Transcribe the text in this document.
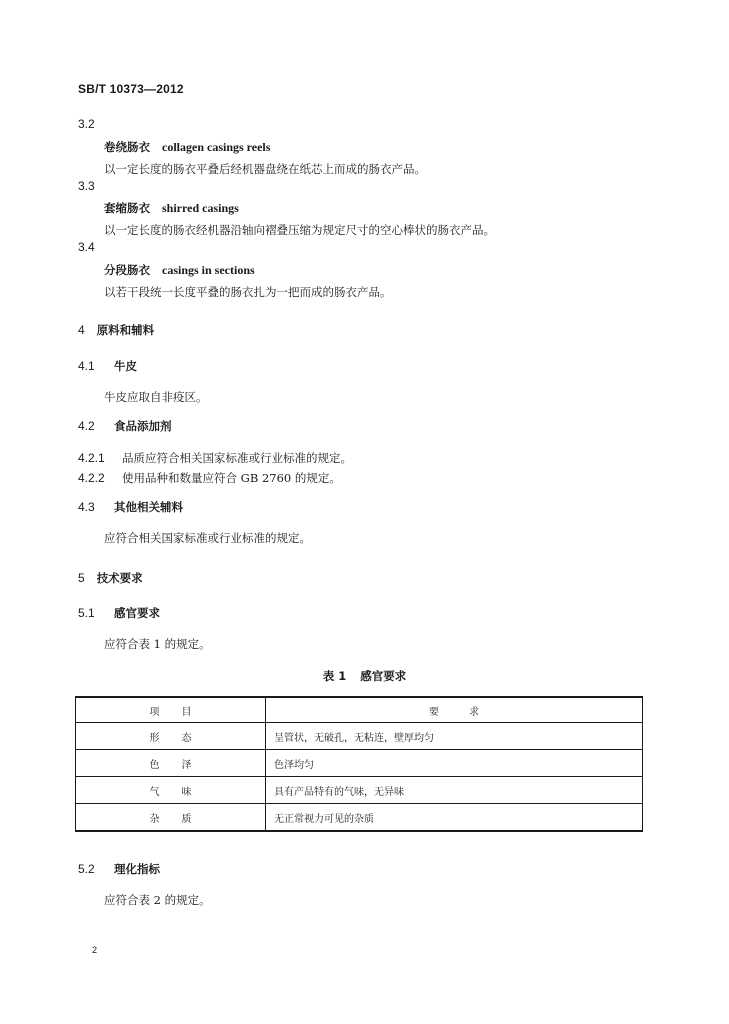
SB/T 10373—2012
3.2
卷绕肠衣 collagen casings reels
以一定长度的肠衣平叠后经机器盘绕在纸芯上而成的肠衣产品。
3.3
套缩肠衣 shirred casings
以一定长度的肠衣经机器沿轴向褶叠压缩为规定尺寸的空心棒状的肠衣产品。
3.4
分段肠衣 casings in sections
以若干段统一长度平叠的肠衣扎为一把而成的肠衣产品。
4 原料和辅料
4.1 牛皮
牛皮应取自非疫区。
4.2 食品添加剂
4.2.1 品质应符合相关国家标准或行业标准的规定。
4.2.2 使用品种和数量应符合 GB 2760 的规定。
4.3 其他相关辅料
应符合相关国家标准或行业标准的规定。
5 技术要求
5.1 感官要求
应符合表 1 的规定。
表 1 感官要求
项目	要求
形态	呈管状，无破孔，无粘连，壁厚均匀
色泽	色泽均匀
气味	具有产品特有的气味，无异味
杂质	无正常视力可见的杂质
5.2 理化指标
应符合表 2 的规定。
2
